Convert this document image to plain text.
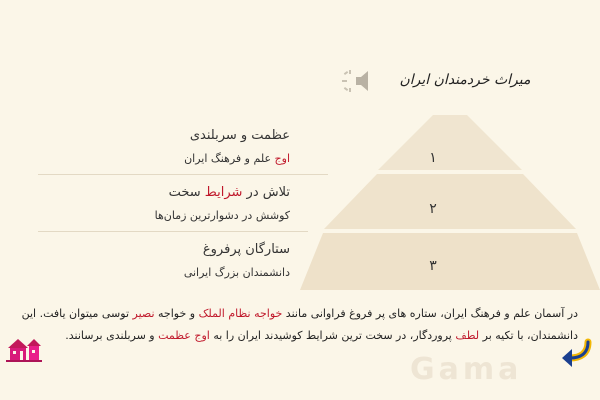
میراث خردمندان ایران
۱
۲
۳
عظمت و سربلندی
اوج علم و فرهنگ ایران
تلاش در شرایط سخت
کوشش در دشوارترین زمان‌ها
ستارگان پرفروغ
دانشمندان بزرگ ایرانی
در آسمان علم و فرهنگ ایران، ستاره های پر فروغ فراوانی مانند خواجه نظام الملک و خواجه نصیر توسی میتوان یافت. این دانشمندان، با تکیه بر لطف پروردگار، در سخت ترین شرایط کوشیدند ایران را به اوج عظمت و سربلندی برسانند.
Gama
